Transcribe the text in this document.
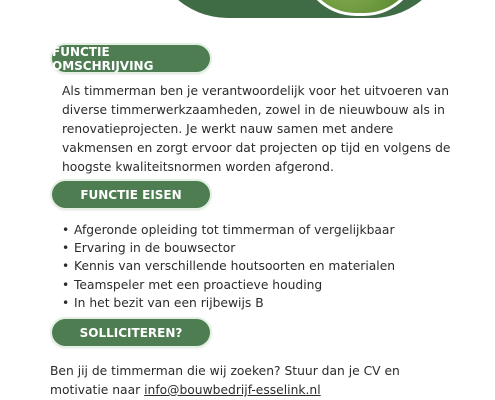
FUNCTIE OMSCHRIJVING

Als timmerman ben je verantwoordelijk voor het uitvoeren van diverse timmerwerkzaamheden, zowel in de nieuwbouw als in renovatieprojecten. Je werkt nauw samen met andere vakmensen en zorgt ervoor dat projecten op tijd en volgens de hoogste kwaliteitsnormen worden afgerond.

FUNCTIE EISEN
• Afgeronde opleiding tot timmerman of vergelijkbaar
• Ervaring in de bouwsector
• Kennis van verschillende houtsoorten en materialen
• Teamspeler met een proactieve houding
• In het bezit van een rijbewijs B
SOLLICITEREN?

Ben jij de timmerman die wij zoeken? Stuur dan je CV en motivatie naar info@bouwbedrijf-esselink.nl
